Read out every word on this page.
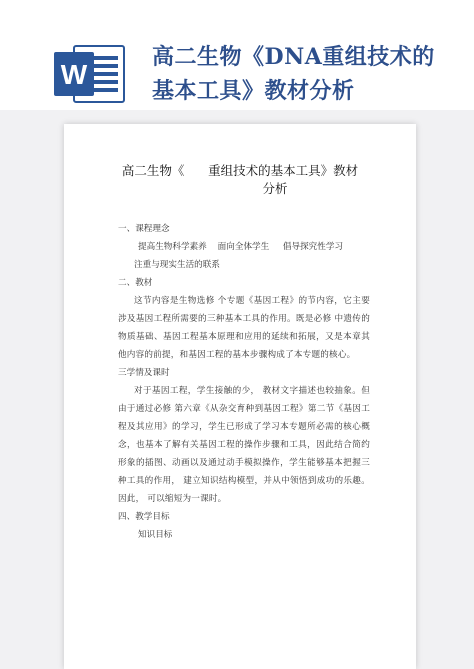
W
高二生物《DNA重组技术的
基本工具》教材分析
高二生物《      重组技术的基本工具》教材
分析
一、课程理念
提高生物科学素养    面向全体学生     倡导探究性学习
注重与现实生活的联系
二、教材
这节内容是生物选修 个专题《基因工程》的节内容，它主要涉及基因工程所需要的三种基本工具的作用。既是必修 中遗传的物质基础、基因工程基本原理和应用的延续和拓展，又是本章其他内容的前提，和基因工程的基本步骤构成了本专题的核心。
三学情及课时
对于基因工程，学生接触的少， 教材文字描述也较抽象。但由于通过必修 第六章《从杂交育种到基因工程》第二节《基因工程及其应用》的学习，学生已形成了学习本专题所必需的核心概念，也基本了解有关基因工程的操作步骤和工具，因此结合简约形象的插图、动画以及通过动手模拟操作，学生能够基本把握三种工具的作用， 建立知识结构模型，并从中领悟到成功的乐趣。因此， 可以缩短为一课时。
四、教学目标
知识目标
